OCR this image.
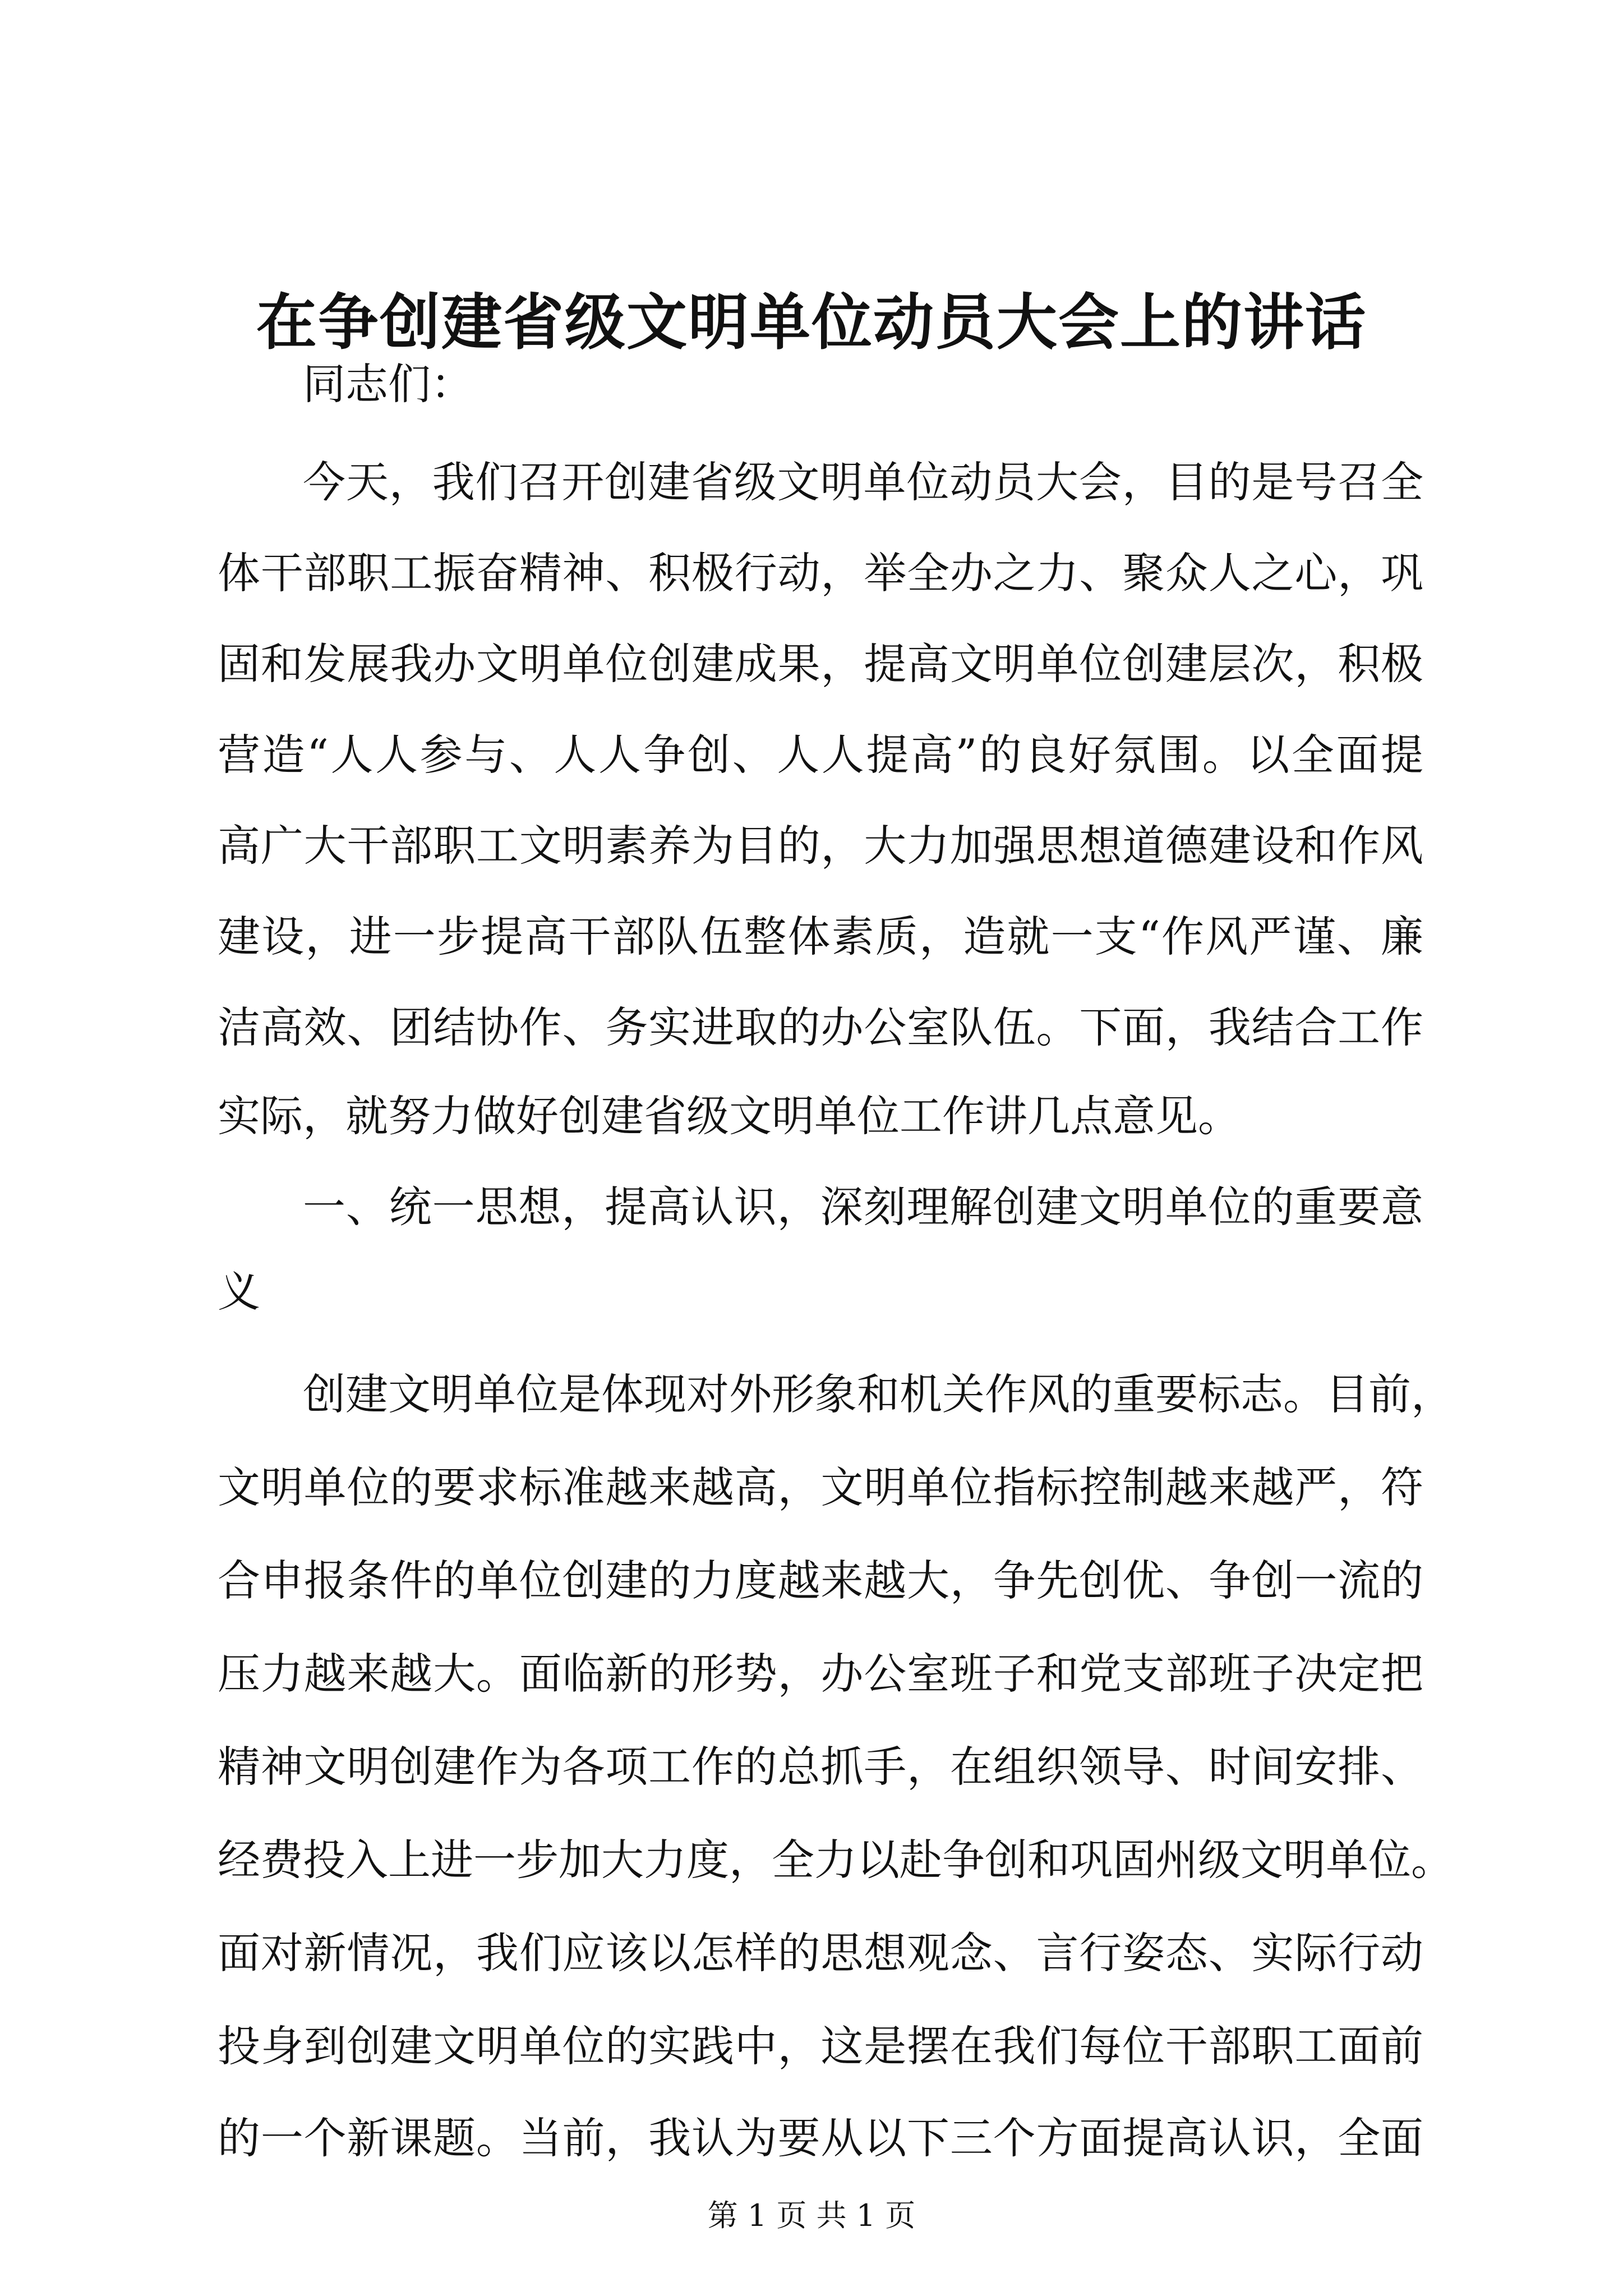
在争创建省级文明单位动员大会上的讲话
同志们：
今天，我们召开创建省级文明单位动员大会，目的是号召全
体干部职工振奋精神、积极行动，举全办之力、聚众人之心，巩
固和发展我办文明单位创建成果，提高文明单位创建层次，积极
营造“人人参与、人人争创、人人提高”的良好氛围。以全面提
高广大干部职工文明素养为目的，大力加强思想道德建设和作风
建设，进一步提高干部队伍整体素质，造就一支“作风严谨、廉
洁高效、团结协作、务实进取的办公室队伍。下面，我结合工作
实际，就努力做好创建省级文明单位工作讲几点意见。
一、统一思想，提高认识，深刻理解创建文明单位的重要意
义
创建文明单位是体现对外形象和机关作风的重要标志。目前，
文明单位的要求标准越来越高，文明单位指标控制越来越严，符
合申报条件的单位创建的力度越来越大，争先创优、争创一流的
压力越来越大。面临新的形势，办公室班子和党支部班子决定把
精神文明创建作为各项工作的总抓手，在组织领导、时间安排、
经费投入上进一步加大力度，全力以赴争创和巩固州级文明单位。
面对新情况，我们应该以怎样的思想观念、言行姿态、实际行动
投身到创建文明单位的实践中，这是摆在我们每位干部职工面前
的一个新课题。当前，我认为要从以下三个方面提高认识，全面
第 1 页 共 1 页
